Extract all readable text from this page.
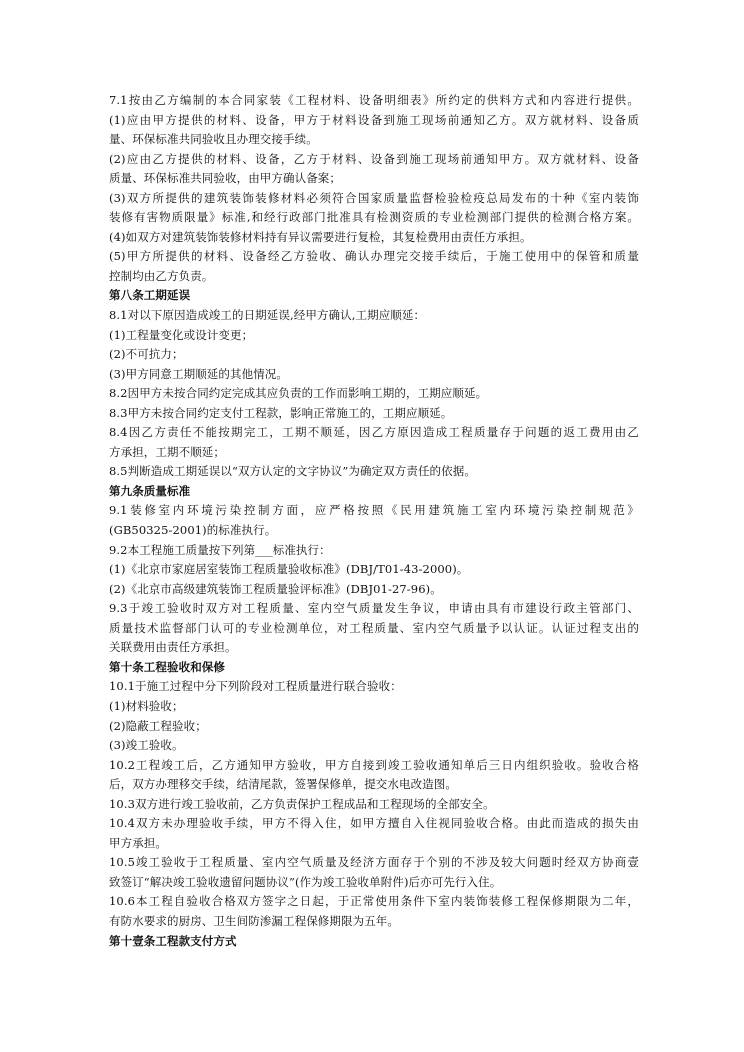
7.1按由乙方编制的本合同家装《工程材料、设备明细表》所约定的供料方式和内容进行提供。
(1)应由甲方提供的材料、设备，甲方于材料设备到施工现场前通知乙方。双方就材料、设备质
量、环保标准共同验收且办理交接手续。
(2)应由乙方提供的材料、设备，乙方于材料、设备到施工现场前通知甲方。双方就材料、设备
质量、环保标准共同验收，由甲方确认备案；
(3)双方所提供的建筑装饰装修材料必须符合国家质量监督检验检疫总局发布的十种《室内装饰
装修有害物质限量》标准,和经行政部门批准具有检测资质的专业检测部门提供的检测合格方案。
(4)如双方对建筑装饰装修材料持有异议需要进行复检，其复检费用由责任方承担。
(5)甲方所提供的材料、设备经乙方验收、确认办理完交接手续后，于施工使用中的保管和质量
控制均由乙方负责。
第八条工期延误
8.1对以下原因造成竣工的日期延误,经甲方确认,工期应顺延：
(1)工程量变化或设计变更；
(2)不可抗力；
(3)甲方同意工期顺延的其他情况。
8.2因甲方未按合同约定完成其应负责的工作而影响工期的，工期应顺延。
8.3甲方未按合同约定支付工程款，影响正常施工的，工期应顺延。
8.4因乙方责任不能按期完工，工期不顺延，因乙方原因造成工程质量存于问题的返工费用由乙
方承担，工期不顺延；
8.5判断造成工期延误以“双方认定的文字协议”为确定双方责任的依据。
第九条质量标准
9.1装修室内环境污染控制方面，应严格按照《民用建筑施工室内环境污染控制规范》
(GB50325-2001)的标准执行。
9.2本工程施工质量按下列第___标准执行：
(1)《北京市家庭居室装饰工程质量验收标准》(DBJ/T01-43-2000)。
(2)《北京市高级建筑装饰工程质量验评标准》(DBJ01-27-96)。
9.3于竣工验收时双方对工程质量、室内空气质量发生争议，申请由具有市建设行政主管部门、
质量技术监督部门认可的专业检测单位，对工程质量、室内空气质量予以认证。认证过程支出的
关联费用由责任方承担。
第十条工程验收和保修
10.1于施工过程中分下列阶段对工程质量进行联合验收：
(1)材料验收；
(2)隐蔽工程验收；
(3)竣工验收。
10.2工程竣工后，乙方通知甲方验收，甲方自接到竣工验收通知单后三日内组织验收。验收合格
后，双方办理移交手续，结清尾款，签署保修单，提交水电改造图。
10.3双方进行竣工验收前，乙方负责保护工程成品和工程现场的全部安全。
10.4双方未办理验收手续，甲方不得入住，如甲方擅自入住视同验收合格。由此而造成的损失由
甲方承担。
10.5竣工验收于工程质量、室内空气质量及经济方面存于个别的不涉及较大问题时经双方协商壹
致签订“解决竣工验收遗留问题协议”(作为竣工验收单附件)后亦可先行入住。
10.6本工程自验收合格双方签字之日起，于正常使用条件下室内装饰装修工程保修期限为二年，
有防水要求的厨房、卫生间防渗漏工程保修期限为五年。
第十壹条工程款支付方式
